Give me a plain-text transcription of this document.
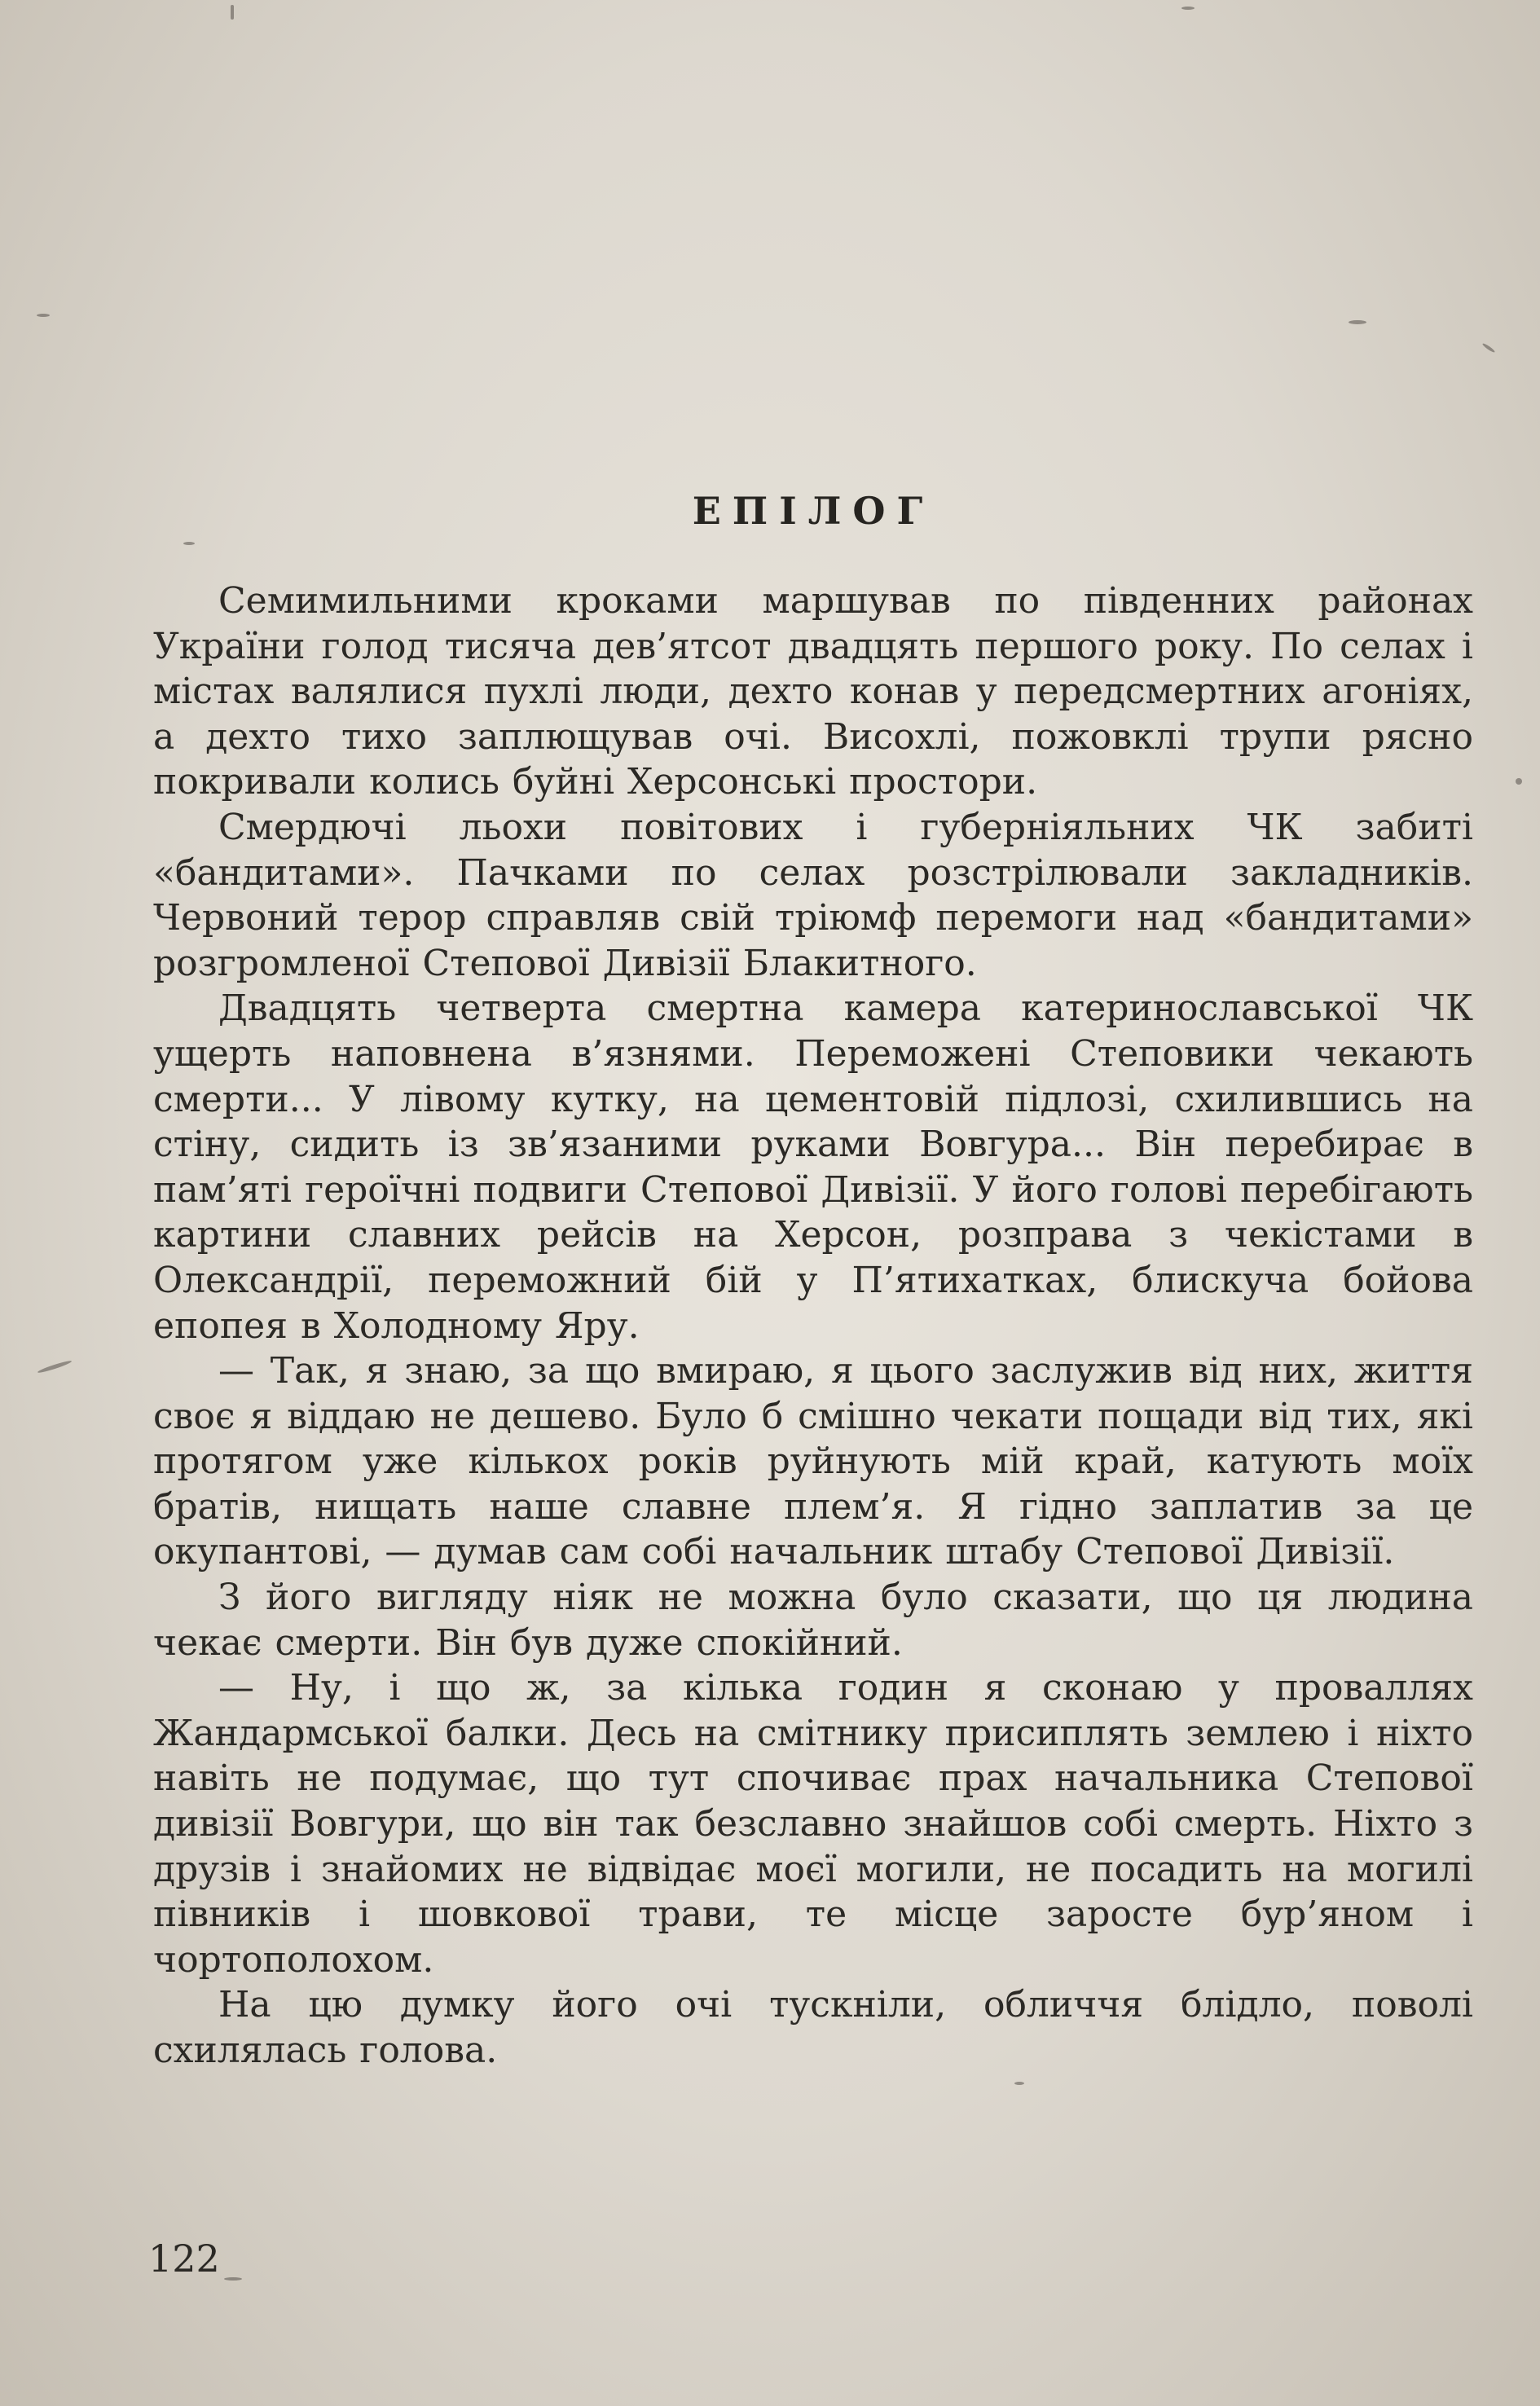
ЕПІЛОГ

Семимильними кроками маршував по південних районах України голод тисяча дев’ятсот двадцять першого року. По селах і містах валялися пухлі люди, дехто конав у передсмертних агоніях, а дехто тихо заплющував очі. Висохлі, пожовклі трупи рясно покривали колись буйні Херсонські простори.

Смердючі льохи повітових і губерніяльних ЧК забиті «бандитами». Пачками по селах розстрілювали закладників. Червоний терор справляв свій тріюмф перемоги над «бандитами» розгромленої Степової Дивізії Блакитного.

Двадцять четверта смертна камера катеринославської ЧК ущерть наповнена в’язнями. Переможені Степовики чекають смерти... У лівому кутку, на цементовій підлозі, схилившись на стіну, сидить із зв’язаними руками Вовгура... Він перебирає в пам’яті героїчні подвиги Степової Дивізії. У його голові перебігають картини славних рейсів на Херсон, розправа з чекістами в Олександрії, переможний бій у П’ятихатках, блискуча бойова епопея в Холодному Яру.

— Так, я знаю, за що вмираю, я цього заслужив від них, життя своє я віддаю не дешево. Було б смішно чекати пощади від тих, які протягом уже кількох років руйнують мій край, катують моїх братів, нищать наше славне плем’я. Я гідно заплатив за це окупантові, — думав сам собі начальник штабу Степової Дивізії.

З його вигляду ніяк не можна було сказати, що ця людина чекає смерти. Він був дуже спокійний.

— Ну, і що ж, за кілька годин я сконаю у проваллях Жандармської балки. Десь на смітнику присиплять землею і ніхто навіть не подумає, що тут спочиває прах начальника Степової дивізії Вовгури, що він так безславно знайшов собі смерть. Ніхто з друзів і знайомих не відвідає моєї могили, не посадить на могилі півників і шовкової трави, те місце заросте бур’яном і чортополохом.

На цю думку його очі тускніли, обличчя блідло, поволі схилялась голова.

122
